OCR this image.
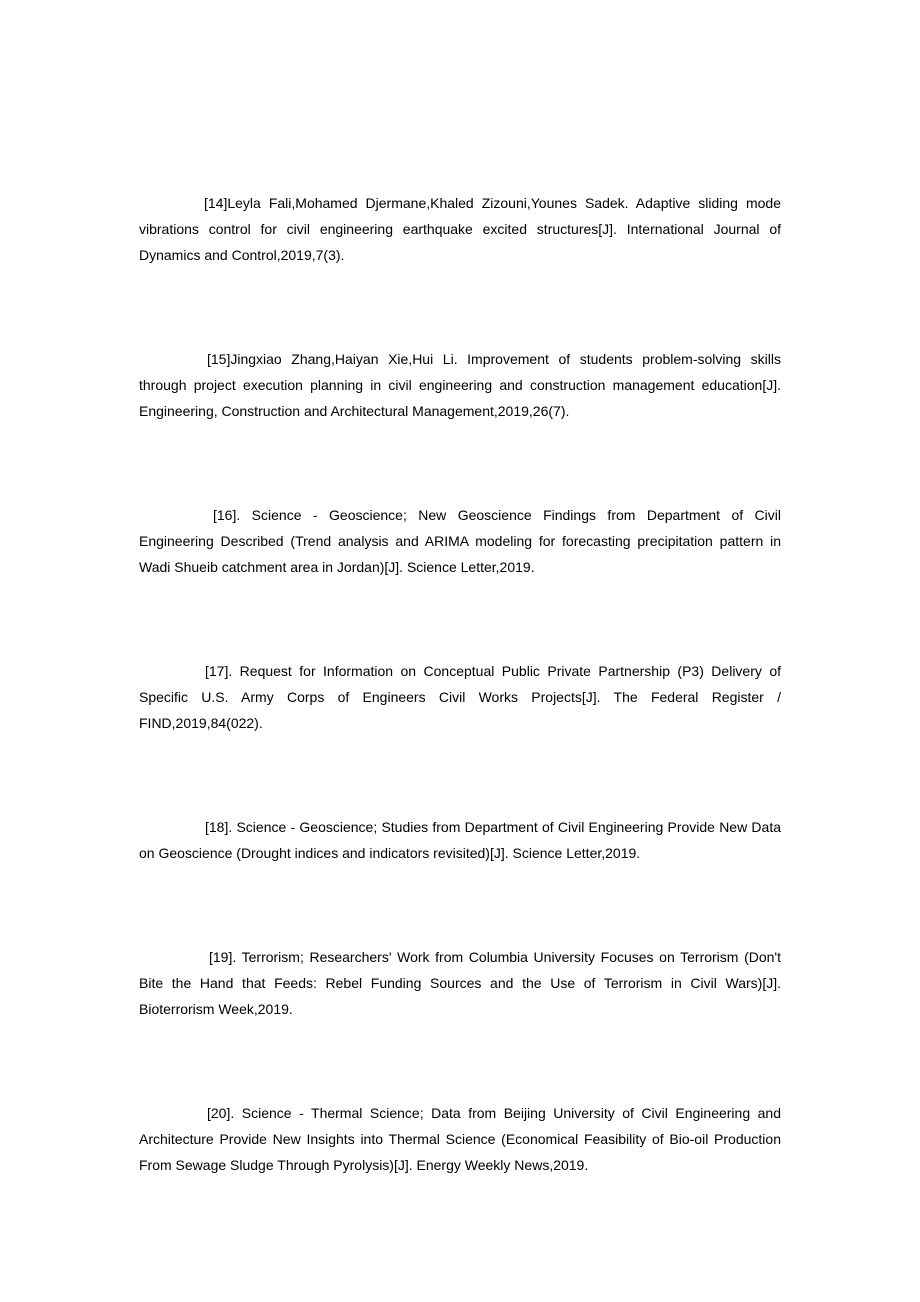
[14]Leyla Fali,Mohamed Djermane,Khaled Zizouni,Younes Sadek. Adaptive sliding mode vibrations control for civil engineering earthquake excited structures[J]. International Journal of Dynamics and Control,2019,7(3).

[15]Jingxiao Zhang,Haiyan Xie,Hui Li. Improvement of students problem-solving skills through project execution planning in civil engineering and construction management education[J]. Engineering, Construction and Architectural Management,2019,26(7).

[16]. Science - Geoscience; New Geoscience Findings from Department of Civil Engineering Described (Trend analysis and ARIMA modeling for forecasting precipitation pattern in Wadi Shueib catchment area in Jordan)[J]. Science Letter,2019.

[17]. Request for Information on Conceptual Public Private Partnership (P3) Delivery of Specific U.S. Army Corps of Engineers Civil Works Projects[J]. The Federal Register / FIND,2019,84(022).

[18]. Science - Geoscience; Studies from Department of Civil Engineering Provide New Data on Geoscience (Drought indices and indicators revisited)[J]. Science Letter,2019.

[19]. Terrorism; Researchers' Work from Columbia University Focuses on Terrorism (Don't Bite the Hand that Feeds: Rebel Funding Sources and the Use of Terrorism in Civil Wars)[J]. Bioterrorism Week,2019.

[20]. Science - Thermal Science; Data from Beijing University of Civil Engineering and Architecture Provide New Insights into Thermal Science (Economical Feasibility of Bio-oil Production From Sewage Sludge Through Pyrolysis)[J]. Energy Weekly News,2019.
